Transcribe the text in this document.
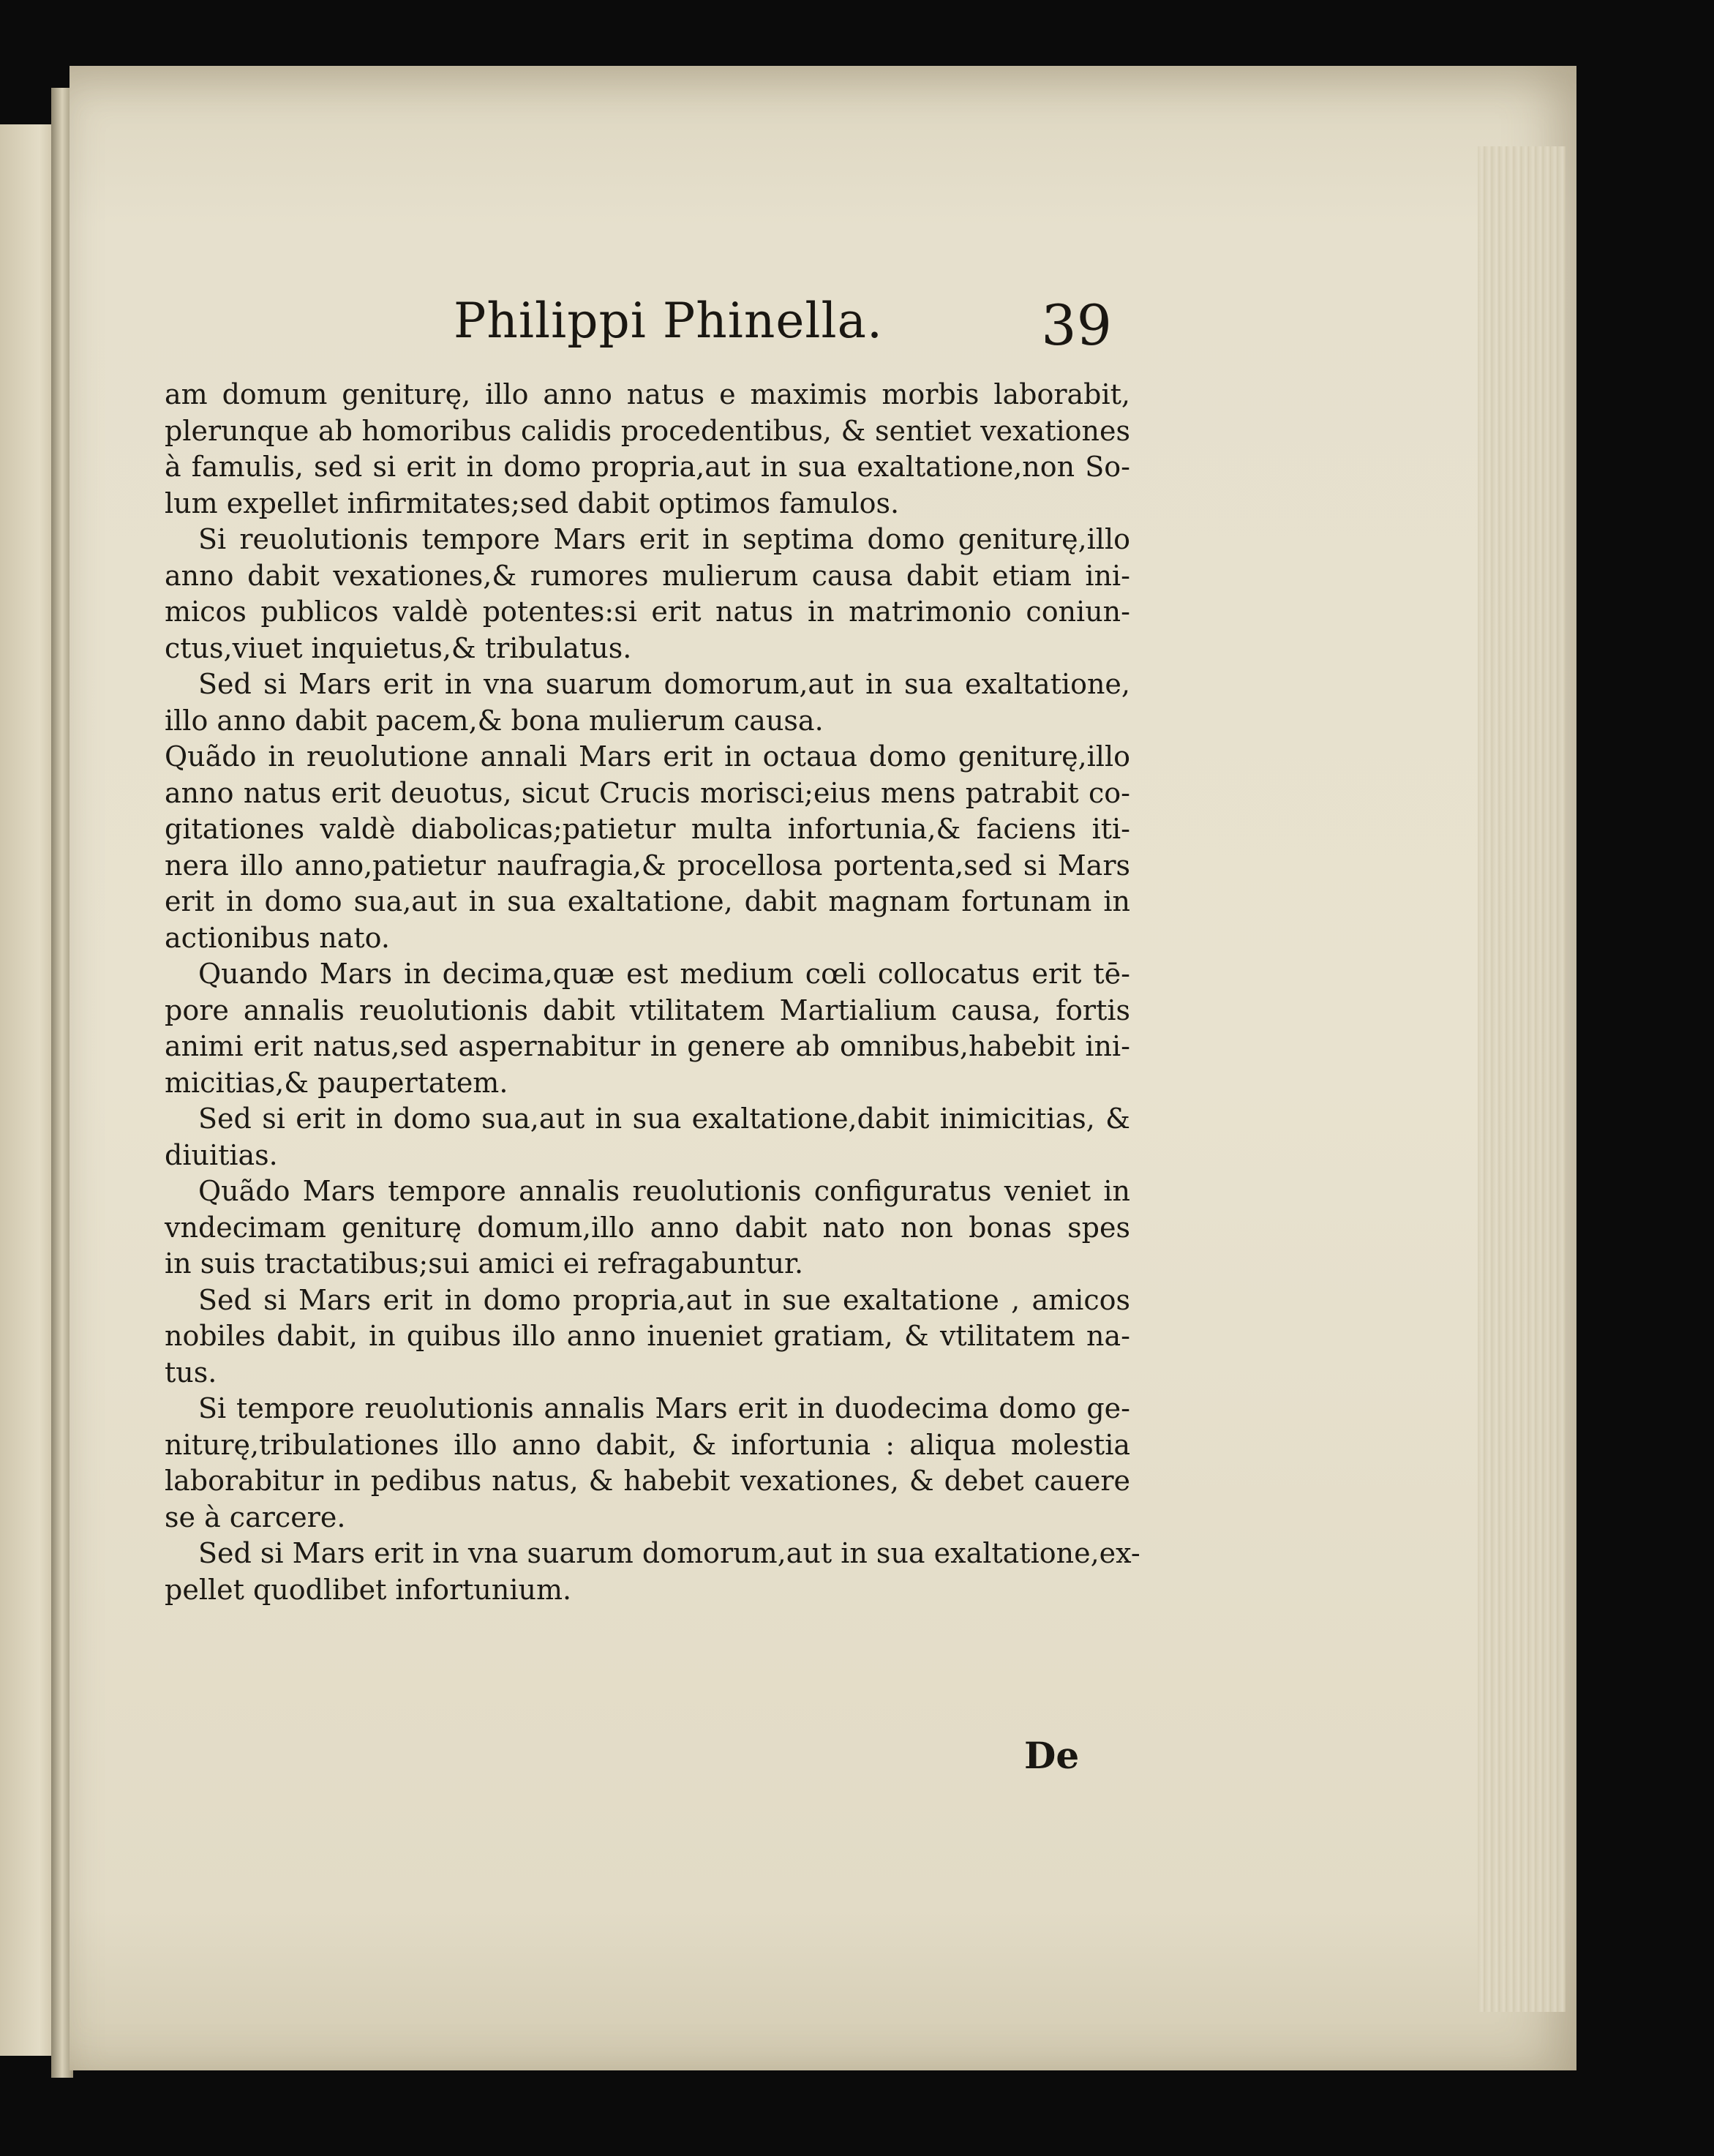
Philippi Phinella.	39
am domum geniturę, illo anno natus e maximis morbis laborabit,
plerunque ab homoribus calidis procedentibus, & sentiet vexationes
à famulis, sed si erit in domo propria,aut in sua exaltatione,non So-
lum expellet infirmitates;sed dabit optimos famulos.
Si reuolutionis tempore Mars erit in septima domo geniturę,illo
anno dabit vexationes,& rumores mulierum causa dabit etiam ini-
micos publicos valdè potentes:si erit natus in matrimonio coniun-
ctus,viuet inquietus,& tribulatus.
Sed si Mars erit in vna suarum domorum,aut in sua exaltatione,
illo anno dabit pacem,& bona mulierum causa.
Quãdo in reuolutione annali Mars erit in octaua domo geniturę,illo
anno natus erit deuotus, sicut Crucis morisci;eius mens patrabit co-
gitationes valdè diabolicas;patietur multa infortunia,& faciens iti-
nera illo anno,patietur naufragia,& procellosa portenta,sed si Mars
erit in domo sua,aut in sua exaltatione, dabit magnam fortunam in
actionibus nato.
Quando Mars in decima,quæ est medium cœli collocatus erit tē-
pore annalis reuolutionis dabit vtilitatem Martialium causa, fortis
animi erit natus,sed aspernabitur in genere ab omnibus,habebit ini-
micitias,& paupertatem.
Sed si erit in domo sua,aut in sua exaltatione,dabit inimicitias, &
diuitias.
Quãdo Mars tempore annalis reuolutionis configuratus veniet in
vndecimam geniturę domum,illo anno dabit nato non bonas spes
in suis tractatibus;sui amici ei refragabuntur.
Sed si Mars erit in domo propria,aut in sue exaltatione , amicos
nobiles dabit, in quibus illo anno inueniet gratiam, & vtilitatem na-
tus.
Si tempore reuolutionis annalis Mars erit in duodecima domo ge-
niturę,tribulationes illo anno dabit, & infortunia : aliqua molestia
laborabitur in pedibus natus, & habebit vexationes, & debet cauere
se à carcere.
Sed si Mars erit in vna suarum domorum,aut in sua exaltatione,ex-
pellet quodlibet infortunium.
De
